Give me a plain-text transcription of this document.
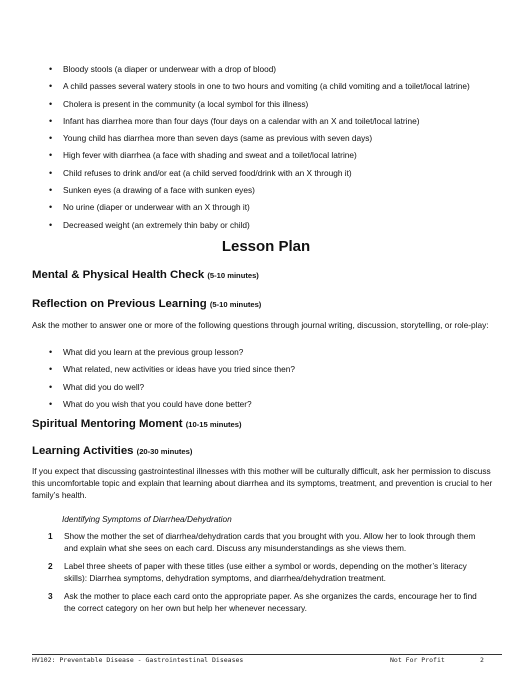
• Bloody stools (a diaper or underwear with a drop of blood)
• A child passes several watery stools in one to two hours and vomiting (a child vomiting and a toilet/local latrine)
• Cholera is present in the community (a local symbol for this illness)
• Infant has diarrhea more than four days (four days on a calendar with an X and toilet/local latrine)
• Young child has diarrhea more than seven days (same as previous with seven days)
• High fever with diarrhea (a face with shading and sweat and a toilet/local latrine)
• Child refuses to drink and/or eat (a child served food/drink with an X through it)
• Sunken eyes (a drawing of a face with sunken eyes)
• No urine (diaper or underwear with an X through it)
• Decreased weight (an extremely thin baby or child)
Lesson Plan
Mental & Physical Health Check (5-10 minutes)
Reflection on Previous Learning (5-10 minutes)
Ask the mother to answer one or more of the following questions through journal writing, discussion, storytelling, or role-play:
• What did you learn at the previous group lesson?
• What related, new activities or ideas have you tried since then?
• What did you do well?
• What do you wish that you could have done better?
Spiritual Mentoring Moment (10-15 minutes)
Learning Activities (20-30 minutes)
If you expect that discussing gastrointestinal illnesses with this mother will be culturally difficult, ask her permission to discuss this uncomfortable topic and explain that learning about diarrhea and its symptoms, treatment, and prevention is crucial to her family’s health.
Identifying Symptoms of Diarrhea/Dehydration
1 Show the mother the set of diarrhea/dehydration cards that you brought with you. Allow her to look through them and explain what she sees on each card. Discuss any misunderstandings as she views them.
2 Label three sheets of paper with these titles (use either a symbol or words, depending on the mother’s literacy skills): Diarrhea symptoms, dehydration symptoms, and diarrhea/dehydration treatment.
3 Ask the mother to place each card onto the appropriate paper. As she organizes the cards, encourage her to find the correct category on her own but help her whenever necessary.
HV102: Preventable Disease - Gastrointestinal Diseases	Not For Profit	2
